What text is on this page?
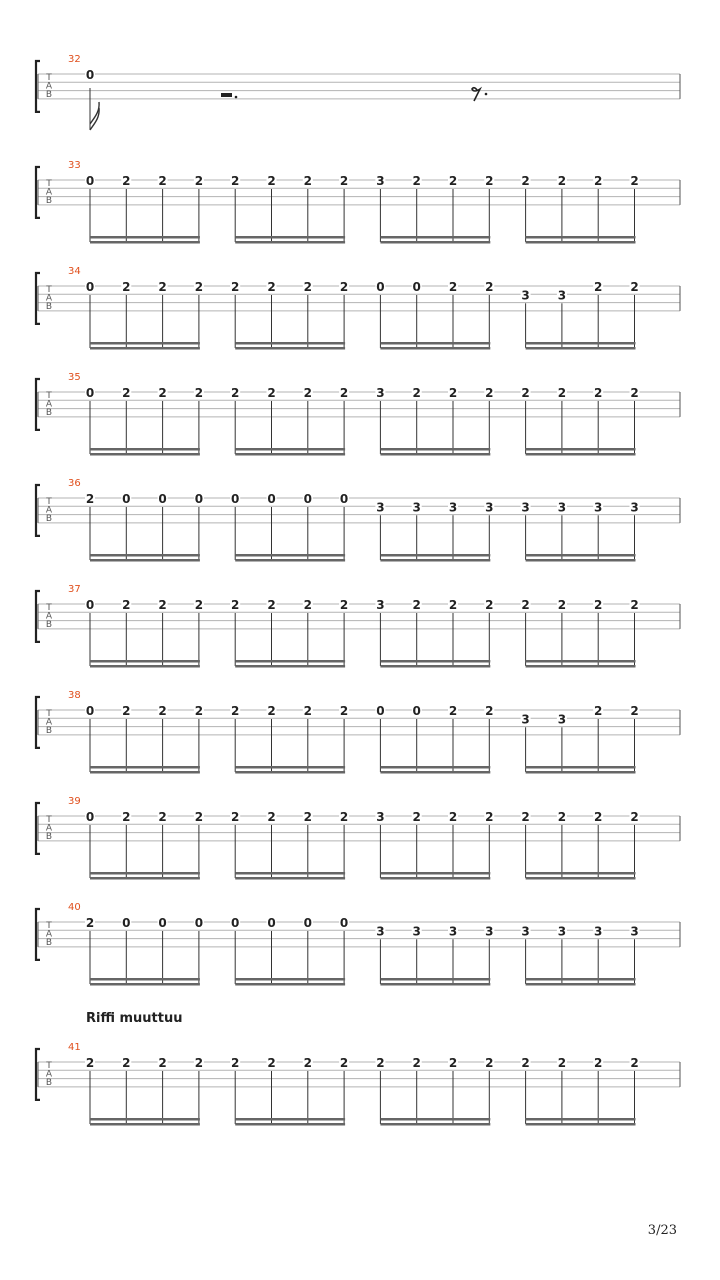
T
A
B
32
0
T
A
B
33
0 2 2 2 2 2 2 2 3 2 2 2 2 2 2 2
T
A
B
34
0 2 2 2 2 2 2 2 0 0 2 2
3 3
2 2
T
A
B
35
0 2 2 2 2 2 2 2 3 2 2 2 2 2 2 2
T
A
B
36
2 0 0 0 0 0 0 0
3 3 3 3 3 3 3 3
T
A
B
37
0 2 2 2 2 2 2 2 3 2 2 2 2 2 2 2
T
A
B
38
0 2 2 2 2 2 2 2 0 0 2 2
3 3
2 2
T
A
B
39
0 2 2 2 2 2 2 2 3 2 2 2 2 2 2 2
T
A
B
40
2 0 0 0 0 0 0 0
3 3 3 3 3 3 3 3
T
A
B
41
Riffi muuttuu
2 2 2 2 2 2 2 2 2 2 2 2 2 2 2 2
3/23
